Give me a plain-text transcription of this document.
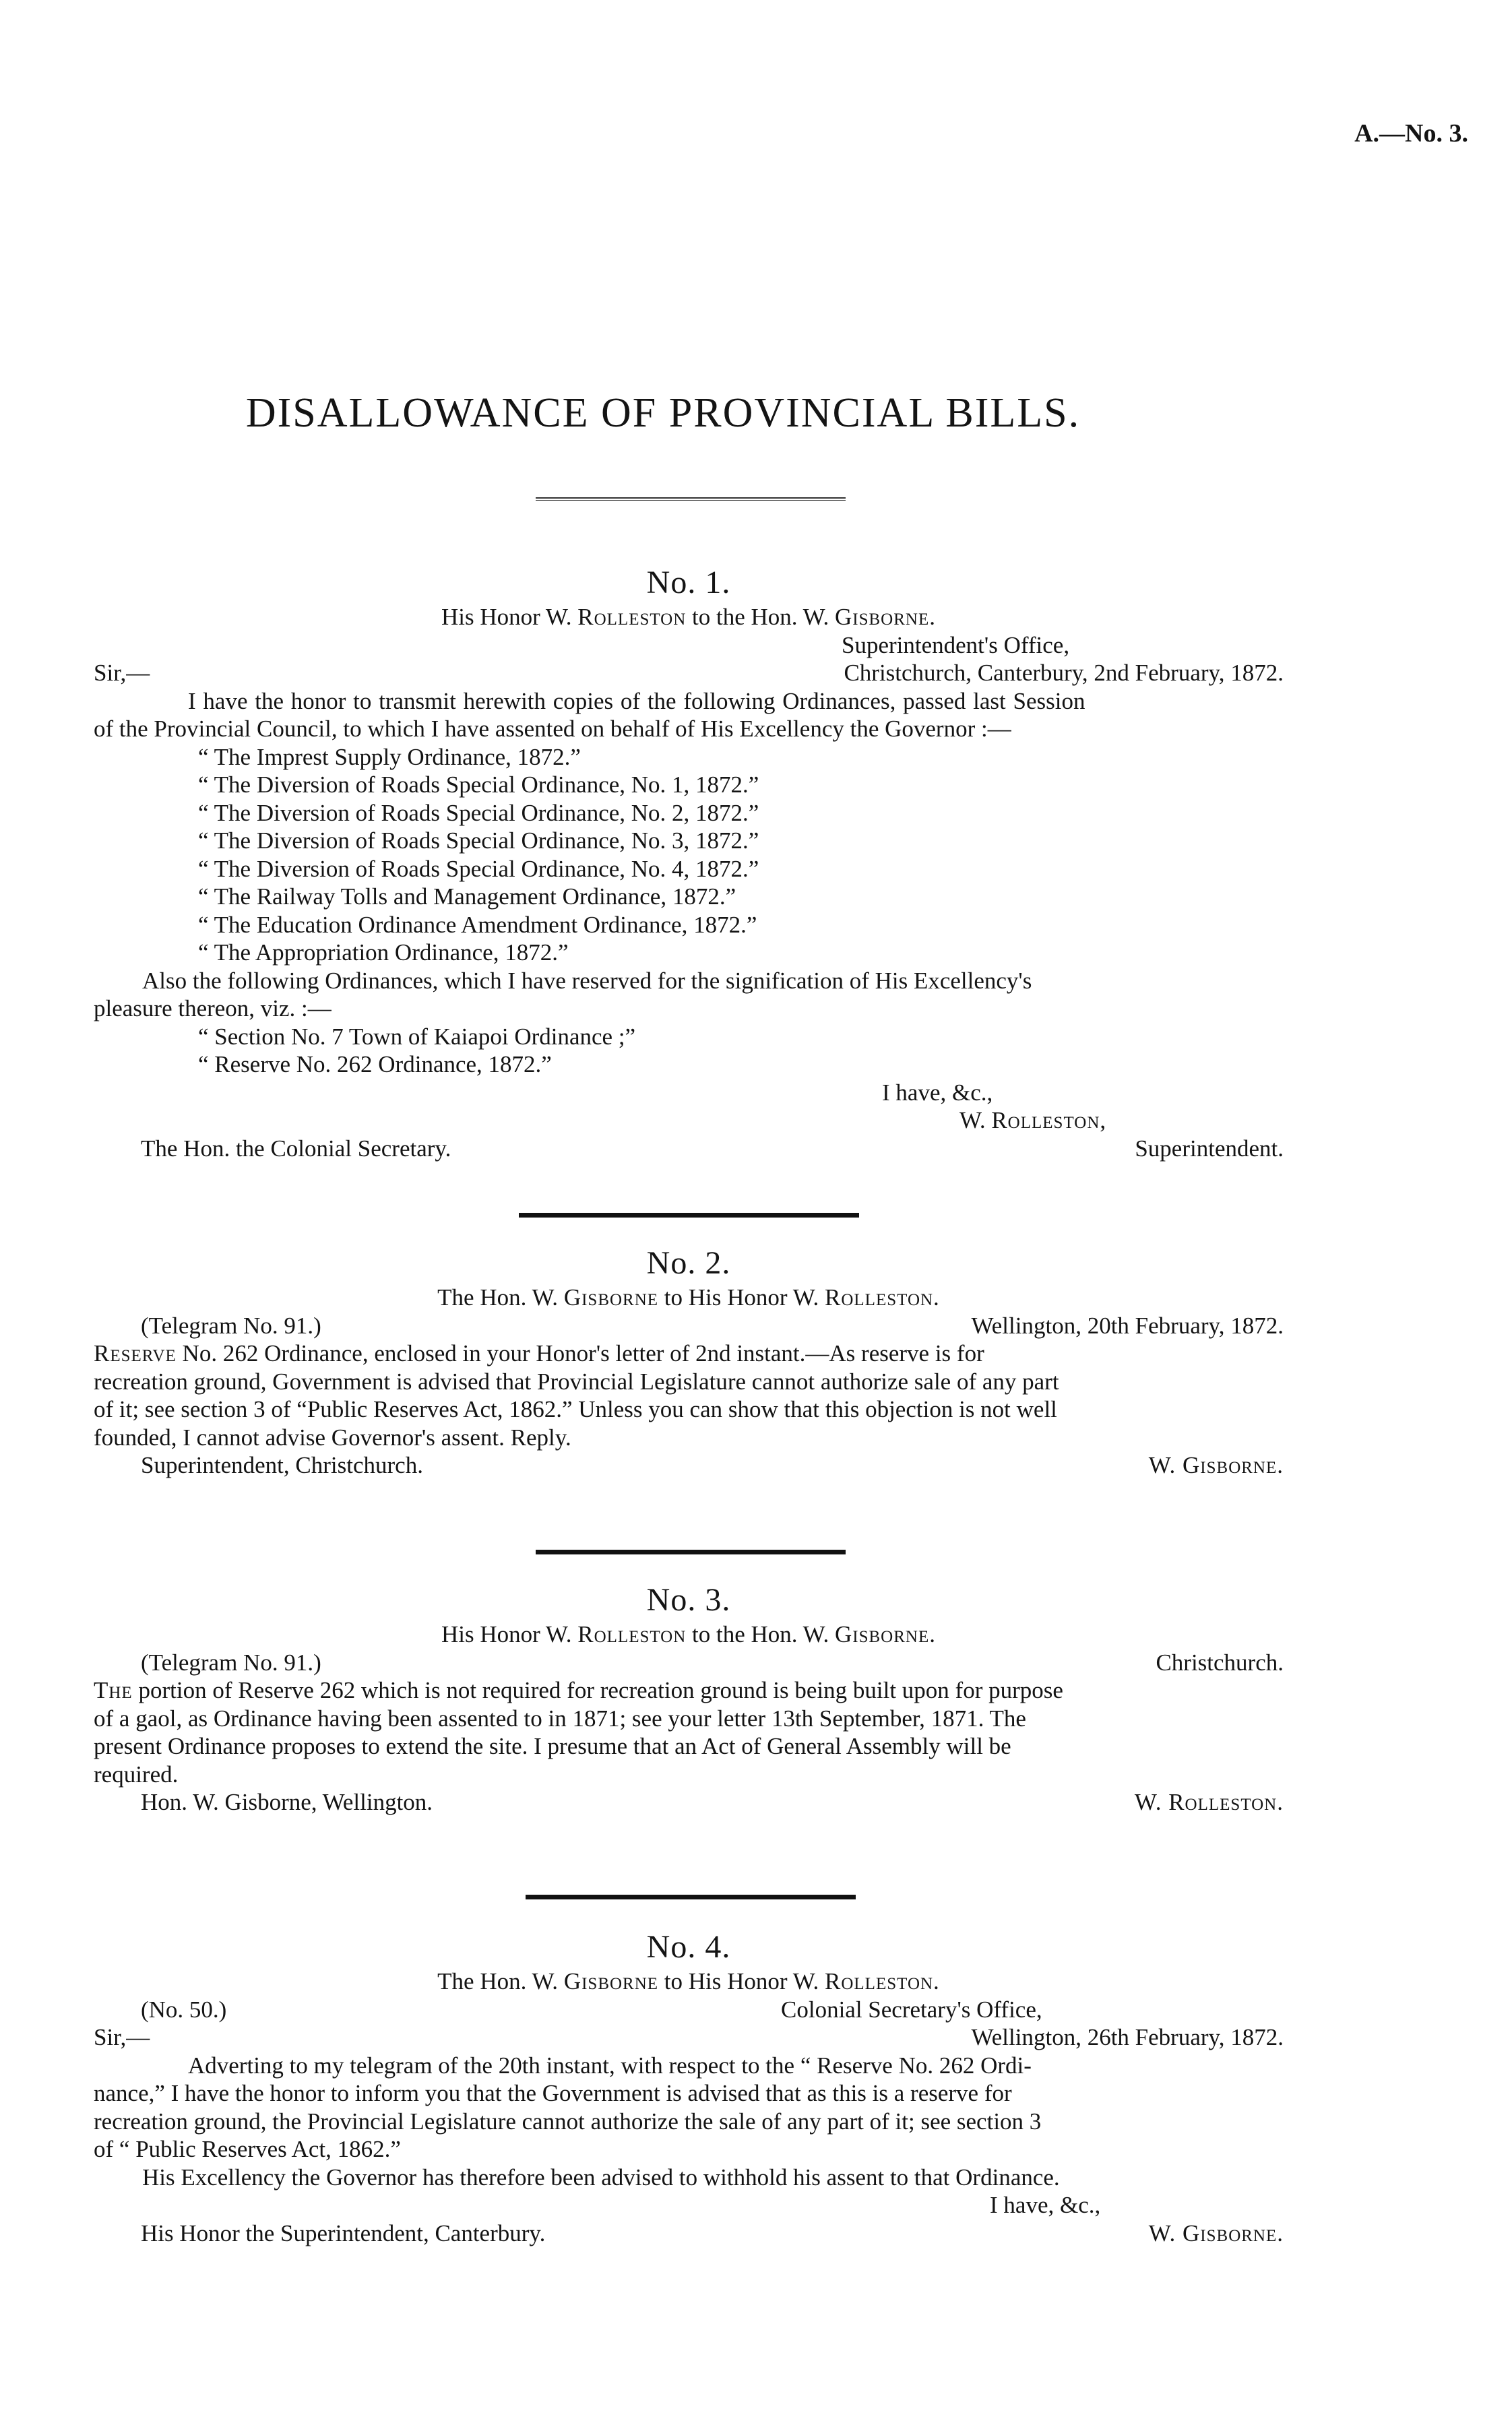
A.—No. 3.
DISALLOWANCE OF PROVINCIAL BILLS.
No. 1.
His Honor W. Rolleston to the Hon. W. Gisborne.
Superintendent's Office,
Sir,—	Christchurch, Canterbury, 2nd February, 1872.
I have the honor to transmit herewith copies of the following Ordinances, passed last Session
of the Provincial Council, to which I have assented on behalf of His Excellency the Governor :—
“ The Imprest Supply Ordinance, 1872.”
“ The Diversion of Roads Special Ordinance, No. 1, 1872.”
“ The Diversion of Roads Special Ordinance, No. 2, 1872.”
“ The Diversion of Roads Special Ordinance, No. 3, 1872.”
“ The Diversion of Roads Special Ordinance, No. 4, 1872.”
“ The Railway Tolls and Management Ordinance, 1872.”
“ The Education Ordinance Amendment Ordinance, 1872.”
“ The Appropriation Ordinance, 1872.”
Also the following Ordinances, which I have reserved for the signification of His Excellency's
pleasure thereon, viz. :—
“ Section No. 7 Town of Kaiapoi Ordinance ;”
“ Reserve No. 262 Ordinance, 1872.”
I have, &c.,
W. Rolleston,
The Hon. the Colonial Secretary.	Superintendent.
No. 2.
The Hon. W. Gisborne to His Honor W. Rolleston.
(Telegram No. 91.)	Wellington, 20th February, 1872.
Reserve No. 262 Ordinance, enclosed in your Honor's letter of 2nd instant.—As reserve is for
recreation ground, Government is advised that Provincial Legislature cannot authorize sale of any part
of it; see section 3 of “Public Reserves Act, 1862.” Unless you can show that this objection is not well
founded, I cannot advise Governor's assent. Reply.
Superintendent, Christchurch.	W. Gisborne.
No. 3.
His Honor W. Rolleston to the Hon. W. Gisborne.
(Telegram No. 91.)	Christchurch.
The portion of Reserve 262 which is not required for recreation ground is being built upon for purpose
of a gaol, as Ordinance having been assented to in 1871; see your letter 13th September, 1871. The
present Ordinance proposes to extend the site. I presume that an Act of General Assembly will be
required.
Hon. W. Gisborne, Wellington.	W. Rolleston.
No. 4.
The Hon. W. Gisborne to His Honor W. Rolleston.
(No. 50.)	Colonial Secretary's Office,
Sir,—	Wellington, 26th February, 1872.
Adverting to my telegram of the 20th instant, with respect to the “ Reserve No. 262 Ordi-
nance,” I have the honor to inform you that the Government is advised that as this is a reserve for
recreation ground, the Provincial Legislature cannot authorize the sale of any part of it; see section 3
of “ Public Reserves Act, 1862.”
His Excellency the Governor has therefore been advised to withhold his assent to that Ordinance.
I have, &c.,
His Honor the Superintendent, Canterbury.	W. Gisborne.
